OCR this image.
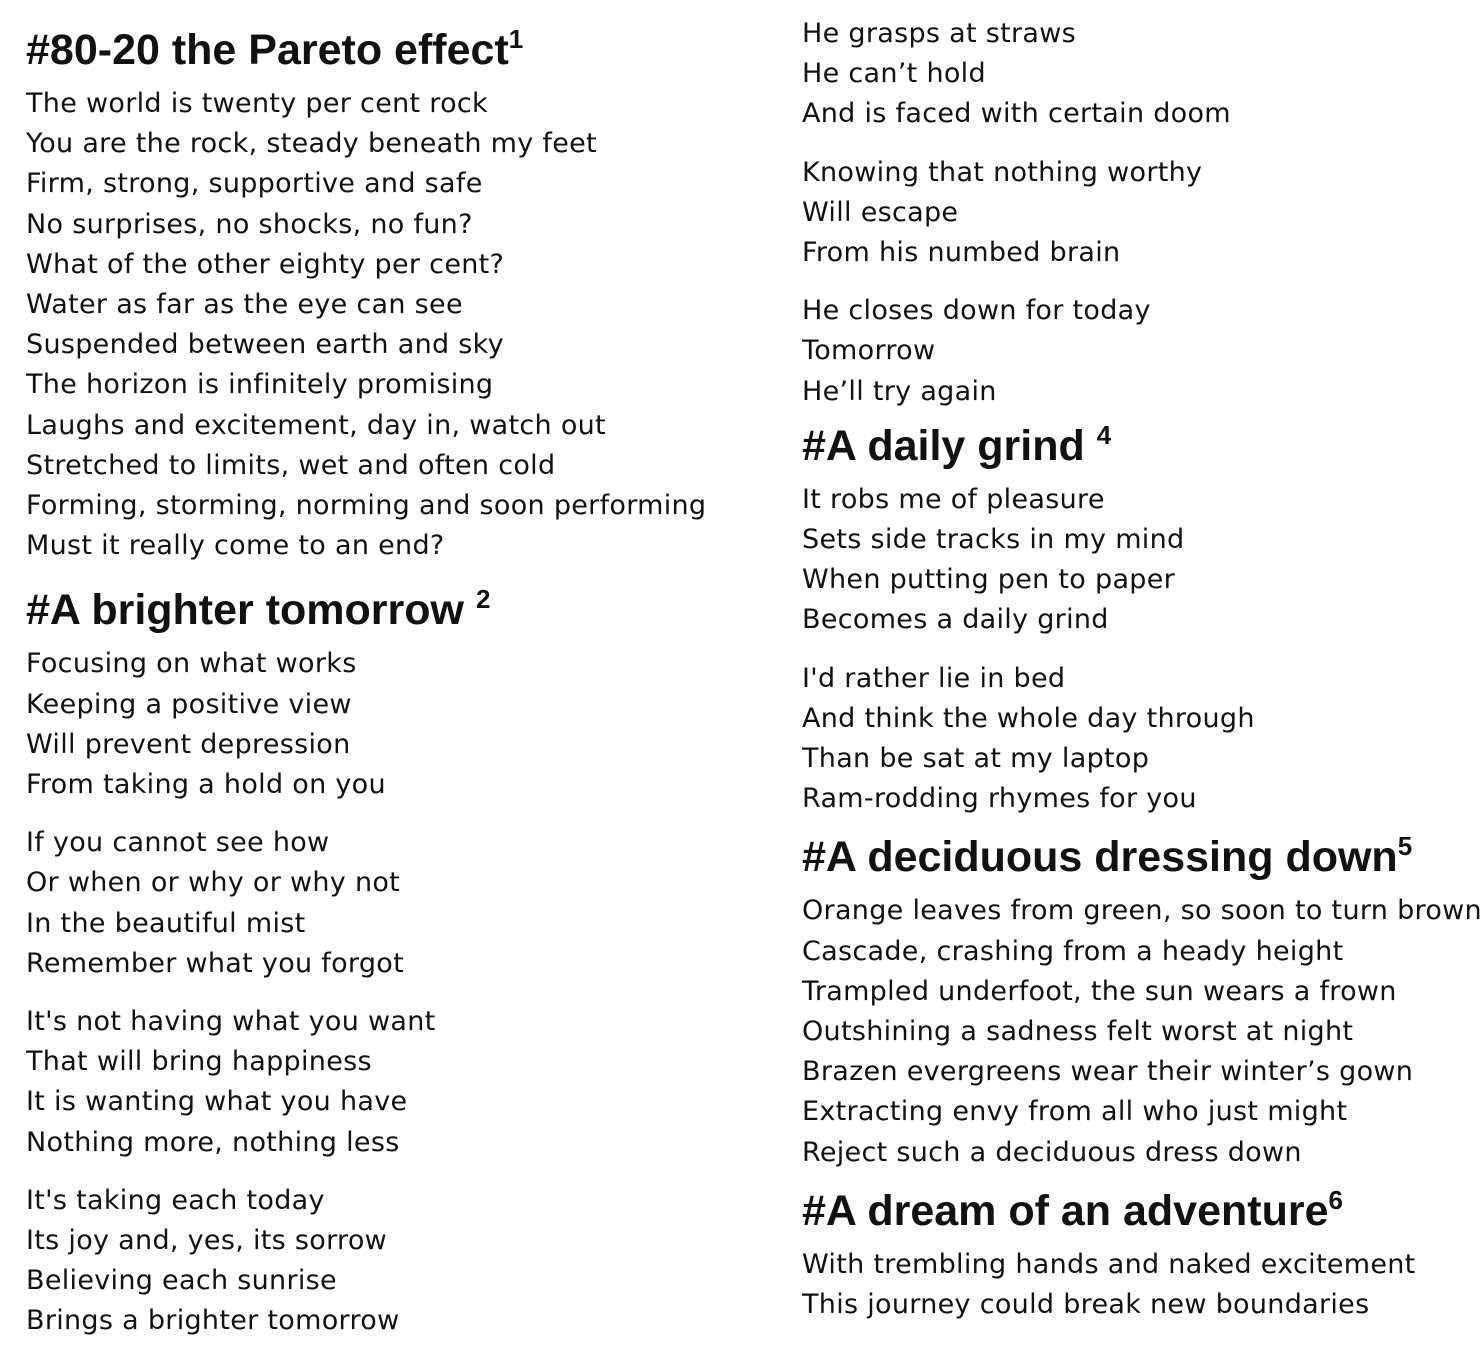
#80-20 the Pareto effect$^1$
The world is twenty per cent rock
You are the rock, steady beneath my feet
Firm, strong, supportive and safe
No surprises, no shocks, no fun?
What of the other eighty per cent?
Water as far as the eye can see
Suspended between earth and sky
The horizon is infinitely promising
Laughs and excitement, day in, watch out
Stretched to limits, wet and often cold
Forming, storming, norming and soon performing
Must it really come to an end?
#A brighter tomorrow $^2$
Focusing on what works
Keeping a positive view
Will prevent depression
From taking a hold on you
If you cannot see how
Or when or why or why not
In the beautiful mist
Remember what you forgot
It's not having what you want
That will bring happiness
It is wanting what you have
Nothing more, nothing less
It's taking each today
Its joy and, yes, its sorrow
Believing each sunrise
Brings a brighter tomorrow
He grasps at straws
He can’t hold
And is faced with certain doom
Knowing that nothing worthy
Will escape
From his numbed brain
He closes down for today
Tomorrow
He’ll try again
#A daily grind $^4$
It robs me of pleasure
Sets side tracks in my mind
When putting pen to paper
Becomes a daily grind
I'd rather lie in bed
And think the whole day through
Than be sat at my laptop
Ram-rodding rhymes for you
#A deciduous dressing down$^5$
Orange leaves from green, so soon to turn brown
Cascade, crashing from a heady height
Trampled underfoot, the sun wears a frown
Outshining a sadness felt worst at night
Brazen evergreens wear their winter’s gown
Extracting envy from all who just might
Reject such a deciduous dress down
#A dream of an adventure$^6$
With trembling hands and naked excitement
This journey could break new boundaries
